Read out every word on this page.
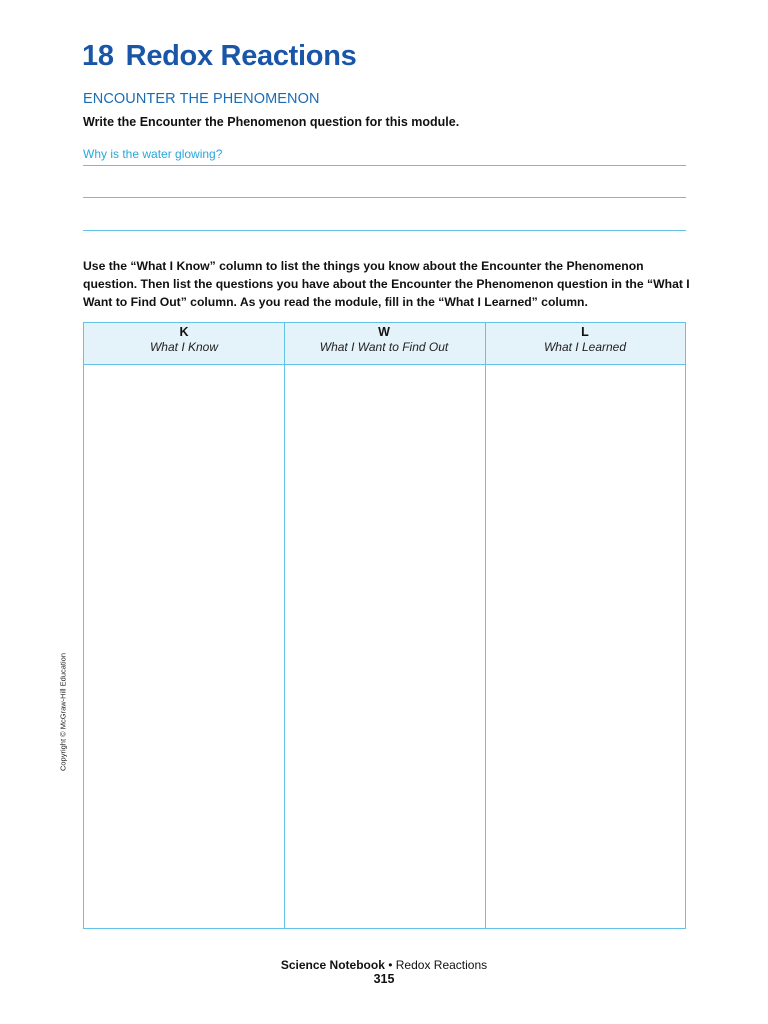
18 Redox Reactions
ENCOUNTER THE PHENOMENON
Write the Encounter the Phenomenon question for this module.
Why is the water glowing?
Use the “What I Know” column to list the things you know about the Encounter the Phenomenon question. Then list the questions you have about the Encounter the Phenomenon question in the “What I Want to Find Out” column. As you read the module, fill in the “What I Learned” column.
K
What I Know
W
What I Want to Find Out
L
What I Learned
Copyright © McGraw-Hill Education
Science Notebook • Redox Reactions
315
